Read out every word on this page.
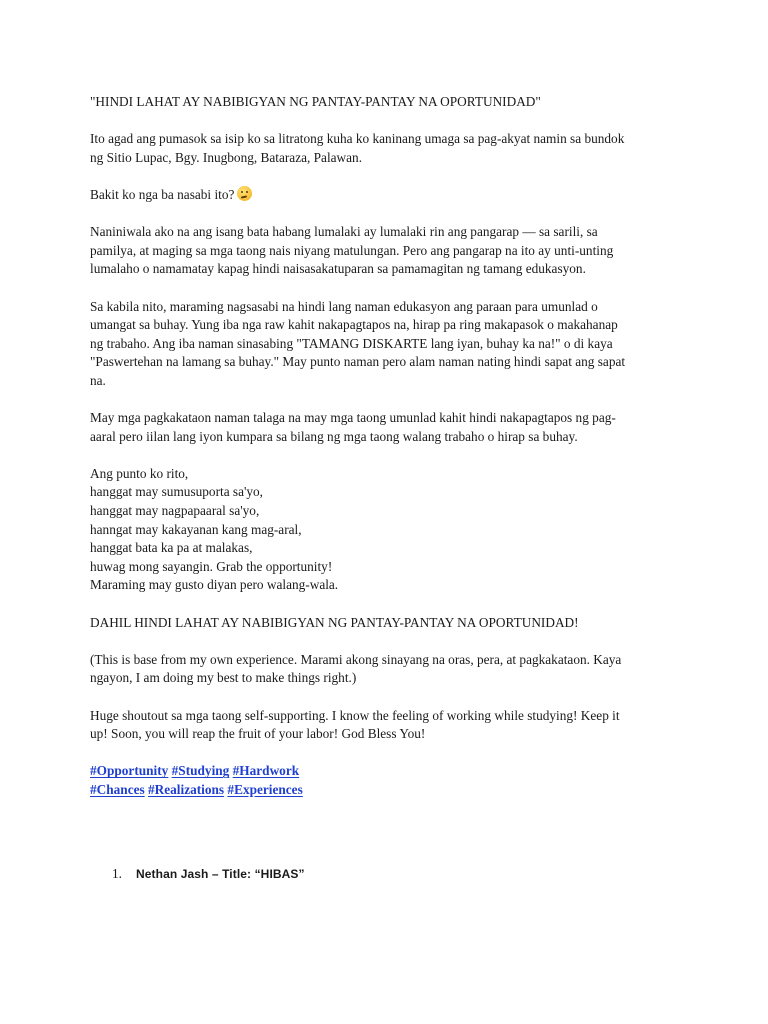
"HINDI LAHAT AY NABIBIGYAN NG PANTAY-PANTAY NA OPORTUNIDAD"

Ito agad ang pumasok sa isip ko sa litratong kuha ko kaninang umaga sa pag-akyat namin sa bundok
ng Sitio Lupac, Bgy. Inugbong, Bataraza, Palawan.

Bakit ko nga ba nasabi ito?

Naniniwala ako na ang isang bata habang lumalaki ay lumalaki rin ang pangarap — sa sarili, sa
pamilya, at maging sa mga taong nais niyang matulungan. Pero ang pangarap na ito ay unti-unting
lumalaho o namamatay kapag hindi naisasakatuparan sa pamamagitan ng tamang edukasyon.

Sa kabila nito, maraming nagsasabi na hindi lang naman edukasyon ang paraan para umunlad o
umangat sa buhay. Yung iba nga raw kahit nakapagtapos na, hirap pa ring makapasok o makahanap
ng trabaho. Ang iba naman sinasabing "TAMANG DISKARTE lang iyan, buhay ka na!" o di kaya
"Paswertehan na lamang sa buhay." May punto naman pero alam naman nating hindi sapat ang sapat
na.

May mga pagkakataon naman talaga na may mga taong umunlad kahit hindi nakapagtapos ng pag-
aaral pero iilan lang iyon kumpara sa bilang ng mga taong walang trabaho o hirap sa buhay.

Ang punto ko rito,
hanggat may sumusuporta sa'yo,
hanggat may nagpapaaral sa'yo,
hanngat may kakayanan kang mag-aral,
hanggat bata ka pa at malakas,
huwag mong sayangin. Grab the opportunity!
Maraming may gusto diyan pero walang-wala.

DAHIL HINDI LAHAT AY NABIBIGYAN NG PANTAY-PANTAY NA OPORTUNIDAD!

(This is base from my own experience. Marami akong sinayang na oras, pera, at pagkakataon. Kaya
ngayon, I am doing my best to make things right.)

Huge shoutout sa mga taong self-supporting. I know the feeling of working while studying! Keep it
up! Soon, you will reap the fruit of your labor! God Bless You!

#Opportunity #Studying #Hardwork
#Chances #Realizations #Experiences

1.	Nethan Jash – Title: “HIBAS”
